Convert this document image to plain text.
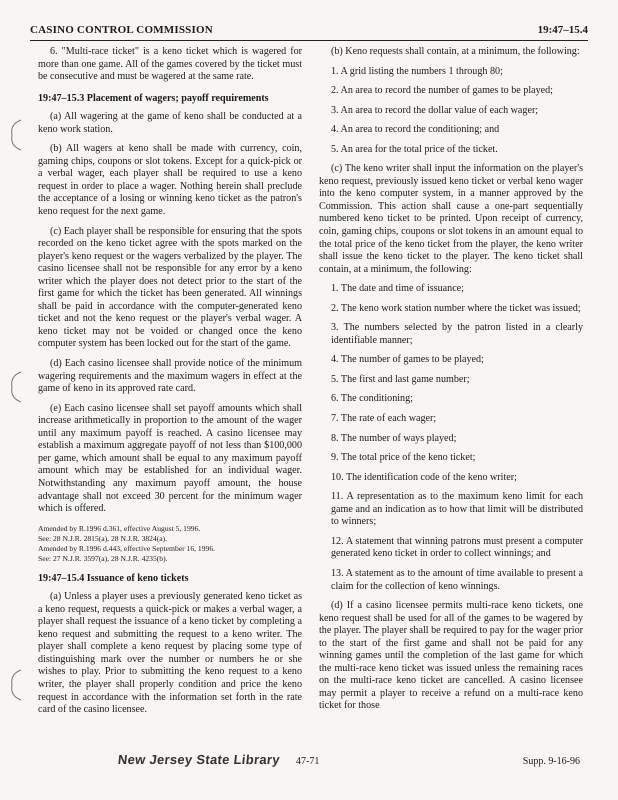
CASINO CONTROL COMMISSION	19:47–15.4

6. "Multi-race ticket" is a keno ticket which is wagered for more than one game. All of the games covered by the ticket must be consecutive and must be wagered at the same rate.

19:47–15.3 Placement of wagers; payoff requirements

(a) All wagering at the game of keno shall be conducted at a keno work station.

(b) All wagers at keno shall be made with currency, coin, gaming chips, coupons or slot tokens. Except for a quick-pick or a verbal wager, each player shall be required to use a keno request in order to place a wager. Nothing herein shall preclude the acceptance of a losing or winning keno ticket as the patron's keno request for the next game.

(c) Each player shall be responsible for ensuring that the spots recorded on the keno ticket agree with the spots marked on the player's keno request or the wagers verbalized by the player. The casino licensee shall not be responsible for any error by a keno writer which the player does not detect prior to the start of the first game for which the ticket has been generated. All winnings shall be paid in accordance with the computer-generated keno ticket and not the keno request or the player's verbal wager. A keno ticket may not be voided or changed once the keno computer system has been locked out for the start of the game.

(d) Each casino licensee shall provide notice of the minimum wagering requirements and the maximum wagers in effect at the game of keno in its approved rate card.

(e) Each casino licensee shall set payoff amounts which shall increase arithmetically in proportion to the amount of the wager until any maximum payoff is reached. A casino licensee may establish a maximum aggregate payoff of not less than $100,000 per game, which amount shall be equal to any maximum payoff amount which may be established for an individual wager. Notwithstanding any maximum payoff amount, the house advantage shall not exceed 30 percent for the minimum wager which is offered.

Amended by R.1996 d.361, effective August 5, 1996.
See: 28 N.J.R. 2815(a), 28 N.J.R. 3824(a).
Amended by R.1996 d.443, effective September 16, 1996.
See: 27 N.J.R. 3597(a), 28 N.J.R. 4235(b).
19:47–15.4 Issuance of keno tickets

(a) Unless a player uses a previously generated keno ticket as a keno request, requests a quick-pick or makes a verbal wager, a player shall request the issuance of a keno ticket by completing a keno request and submitting the request to a keno writer. The player shall complete a keno request by placing some type of distinguishing mark over the number or numbers he or she wishes to play. Prior to submitting the keno request to a keno writer, the player shall properly condition and price the keno request in accordance with the information set forth in the rate card of the casino licensee.

(b) Keno requests shall contain, at a minimum, the following:

1. A grid listing the numbers 1 through 80;
2. An area to record the number of games to be played;
3. An area to record the dollar value of each wager;
4. An area to record the conditioning; and
5. An area for the total price of the ticket.

(c) The keno writer shall input the information on the player's keno request, previously issued keno ticket or verbal keno wager into the keno computer system, in a manner approved by the Commission. This action shall cause a one-part sequentially numbered keno ticket to be printed. Upon receipt of currency, coin, gaming chips, coupons or slot tokens in an amount equal to the total price of the keno ticket from the player, the keno writer shall issue the keno ticket to the player. The keno ticket shall contain, at a minimum, the following:

1. The date and time of issuance;
2. The keno work station number where the ticket was issued;
3. The numbers selected by the patron listed in a clearly identifiable manner;
4. The number of games to be played;
5. The first and last game number;
6. The conditioning;
7. The rate of each wager;
8. The number of ways played;
9. The total price of the keno ticket;
10. The identification code of the keno writer;
11. A representation as to the maximum keno limit for each game and an indication as to how that limit will be distributed to winners;
12. A statement that winning patrons must present a computer generated keno ticket in order to collect winnings; and
13. A statement as to the amount of time available to present a claim for the collection of keno winnings.

(d) If a casino licensee permits multi-race keno tickets, one keno request shall be used for all of the games to be wagered by the player. The player shall be required to pay for the wager prior to the start of the first game and shall not be paid for any winning games until the completion of the last game for which the multi-race keno ticket was issued unless the remaining races on the multi-race keno ticket are cancelled. A casino licensee may permit a player to receive a refund on a multi-race keno ticket for those

New Jersey State Library 47-71	Supp. 9-16-96
